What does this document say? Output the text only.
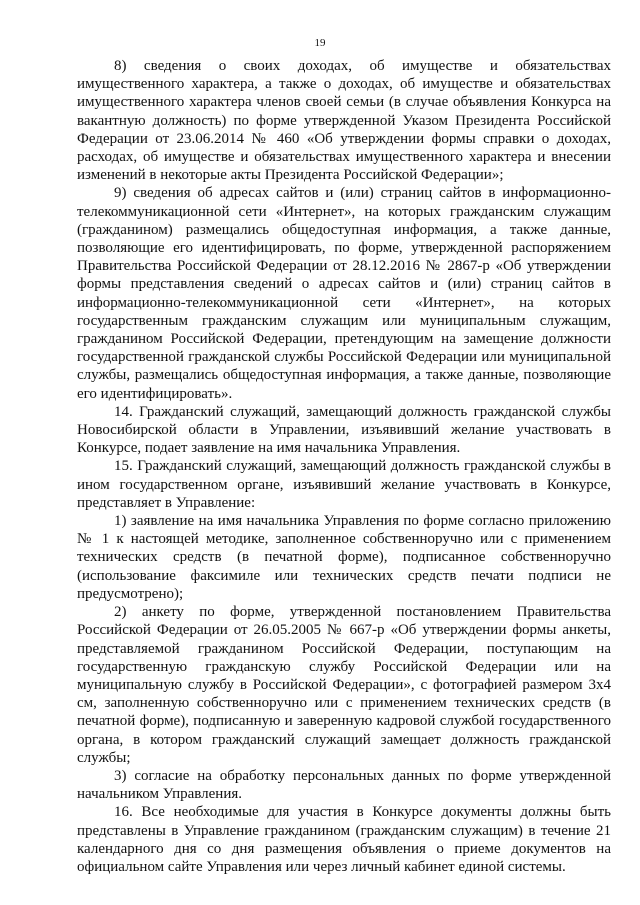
19

8) сведения о своих доходах, об имуществе и обязательствах имущественного характера, а также о доходах, об имуществе и обязательствах имущественного характера членов своей семьи (в случае объявления Конкурса на вакантную должность) по форме утвержденной Указом Президента Российской Федерации от 23.06.2014 № 460 «Об утверждении формы справки о доходах, расходах, об имуществе и обязательствах имущественного характера и внесении изменений в некоторые акты Президента Российской Федерации»;

9) сведения об адресах сайтов и (или) страниц сайтов в информационно-телекоммуникационной сети «Интернет», на которых гражданским служащим (гражданином) размещались общедоступная информация, а также данные, позволяющие его идентифицировать, по форме, утвержденной распоряжением Правительства Российской Федерации от 28.12.2016 № 2867-р «Об утверждении формы представления сведений о адресах сайтов и (или) страниц сайтов в информационно-телекоммуникационной сети «Интернет», на которых государственным гражданским служащим или муниципальным служащим, гражданином Российской Федерации, претендующим на замещение должности государственной гражданской службы Российской Федерации или муниципальной службы, размещались общедоступная информация, а также данные, позволяющие его идентифицировать».

14. Гражданский служащий, замещающий должность гражданской службы Новосибирской области в Управлении, изъявивший желание участвовать в Конкурсе, подает заявление на имя начальника Управления.

15. Гражданский служащий, замещающий должность гражданской службы в ином государственном органе, изъявивший желание участвовать в Конкурсе, представляет в Управление:

1) заявление на имя начальника Управления по форме согласно приложению № 1 к настоящей методике, заполненное собственноручно или с применением технических средств (в печатной форме), подписанное собственноручно (использование факсимиле или технических средств печати подписи не предусмотрено);

2) анкету по форме, утвержденной постановлением Правительства Российской Федерации от 26.05.2005 № 667-р «Об утверждении формы анкеты, представляемой гражданином Российской Федерации, поступающим на государственную гражданскую службу Российской Федерации или на муниципальную службу в Российской Федерации», с фотографией размером 3х4 см, заполненную собственноручно или с применением технических средств (в печатной форме), подписанную и заверенную кадровой службой государственного органа, в котором гражданский служащий замещает должность гражданской службы;

3) согласие на обработку персональных данных по форме утвержденной начальником Управления.

16. Все необходимые для участия в Конкурсе документы должны быть представлены в Управление гражданином (гражданским служащим) в течение 21 календарного дня со дня размещения объявления о приеме документов на официальном сайте Управления или через личный кабинет единой системы.
